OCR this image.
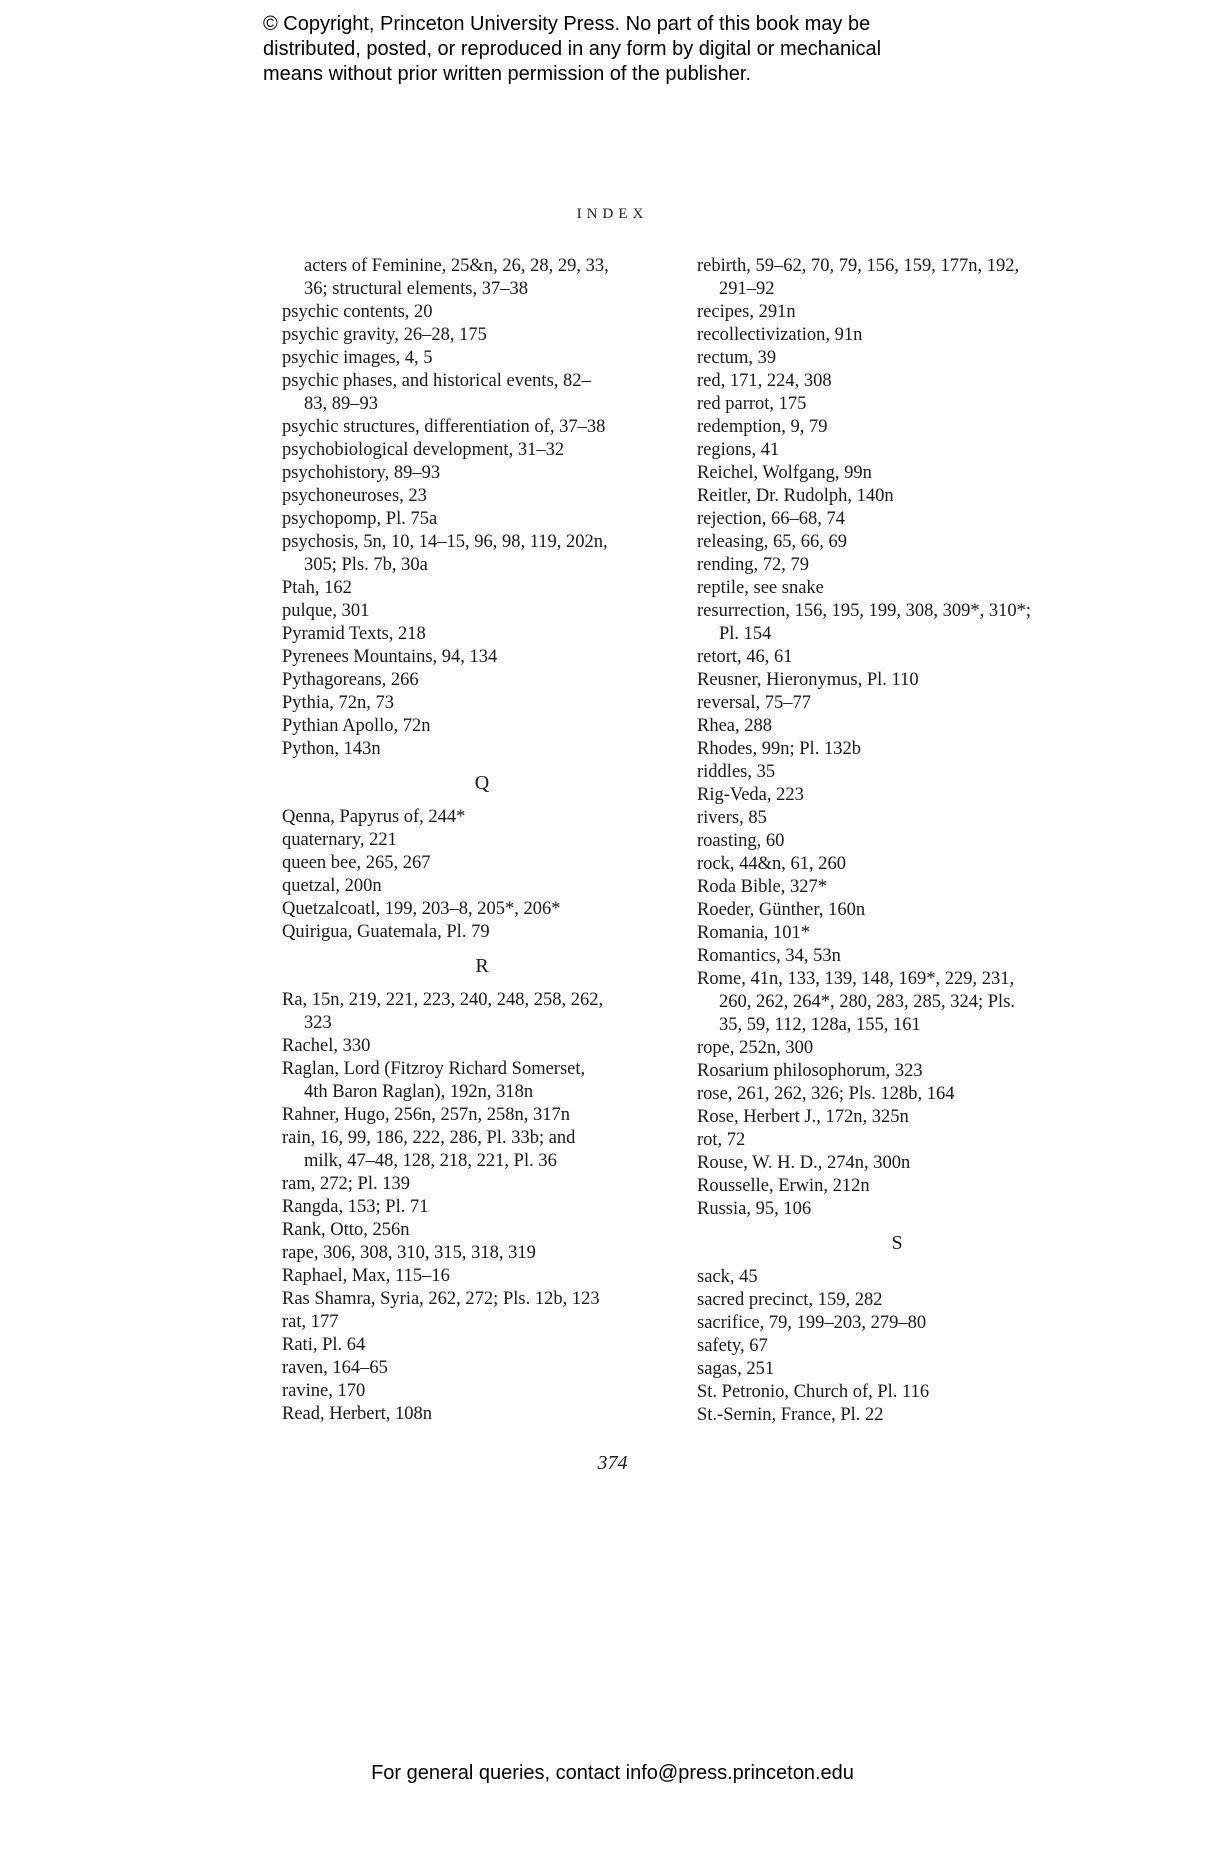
© Copyright, Princeton University Press. No part of this book may be
distributed, posted, or reproduced in any form by digital or mechanical
means without prior written permission of the publisher.
INDEX
acters of Feminine, 25&n, 26, 28, 29, 33,
36; structural elements, 37–38
psychic contents, 20
psychic gravity, 26–28, 175
psychic images, 4, 5
psychic phases, and historical events, 82–
83, 89–93
psychic structures, differentiation of, 37–38
psychobiological development, 31–32
psychohistory, 89–93
psychoneuroses, 23
psychopomp, Pl. 75a
psychosis, 5n, 10, 14–15, 96, 98, 119, 202n,
305; Pls. 7b, 30a
Ptah, 162
pulque, 301
Pyramid Texts, 218
Pyrenees Mountains, 94, 134
Pythagoreans, 266
Pythia, 72n, 73
Pythian Apollo, 72n
Python, 143n
Q
Qenna, Papyrus of, 244*
quaternary, 221
queen bee, 265, 267
quetzal, 200n
Quetzalcoatl, 199, 203–8, 205*, 206*
Quirigua, Guatemala, Pl. 79
R
Ra, 15n, 219, 221, 223, 240, 248, 258, 262,
323
Rachel, 330
Raglan, Lord (Fitzroy Richard Somerset,
4th Baron Raglan), 192n, 318n
Rahner, Hugo, 256n, 257n, 258n, 317n
rain, 16, 99, 186, 222, 286, Pl. 33b; and
milk, 47–48, 128, 218, 221, Pl. 36
ram, 272; Pl. 139
Rangda, 153; Pl. 71
Rank, Otto, 256n
rape, 306, 308, 310, 315, 318, 319
Raphael, Max, 115–16
Ras Shamra, Syria, 262, 272; Pls. 12b, 123
rat, 177
Rati, Pl. 64
raven, 164–65
ravine, 170
Read, Herbert, 108n
rebirth, 59–62, 70, 79, 156, 159, 177n, 192,
291–92
recipes, 291n
recollectivization, 91n
rectum, 39
red, 171, 224, 308
red parrot, 175
redemption, 9, 79
regions, 41
Reichel, Wolfgang, 99n
Reitler, Dr. Rudolph, 140n
rejection, 66–68, 74
releasing, 65, 66, 69
rending, 72, 79
reptile, see snake
resurrection, 156, 195, 199, 308, 309*, 310*;
Pl. 154
retort, 46, 61
Reusner, Hieronymus, Pl. 110
reversal, 75–77
Rhea, 288
Rhodes, 99n; Pl. 132b
riddles, 35
Rig-Veda, 223
rivers, 85
roasting, 60
rock, 44&n, 61, 260
Roda Bible, 327*
Roeder, Günther, 160n
Romania, 101*
Romantics, 34, 53n
Rome, 41n, 133, 139, 148, 169*, 229, 231,
260, 262, 264*, 280, 283, 285, 324; Pls.
35, 59, 112, 128a, 155, 161
rope, 252n, 300
Rosarium philosophorum, 323
rose, 261, 262, 326; Pls. 128b, 164
Rose, Herbert J., 172n, 325n
rot, 72
Rouse, W. H. D., 274n, 300n
Rousselle, Erwin, 212n
Russia, 95, 106
S
sack, 45
sacred precinct, 159, 282
sacrifice, 79, 199–203, 279–80
safety, 67
sagas, 251
St. Petronio, Church of, Pl. 116
St.-Sernin, France, Pl. 22
374
For general queries, contact info@press.princeton.edu
